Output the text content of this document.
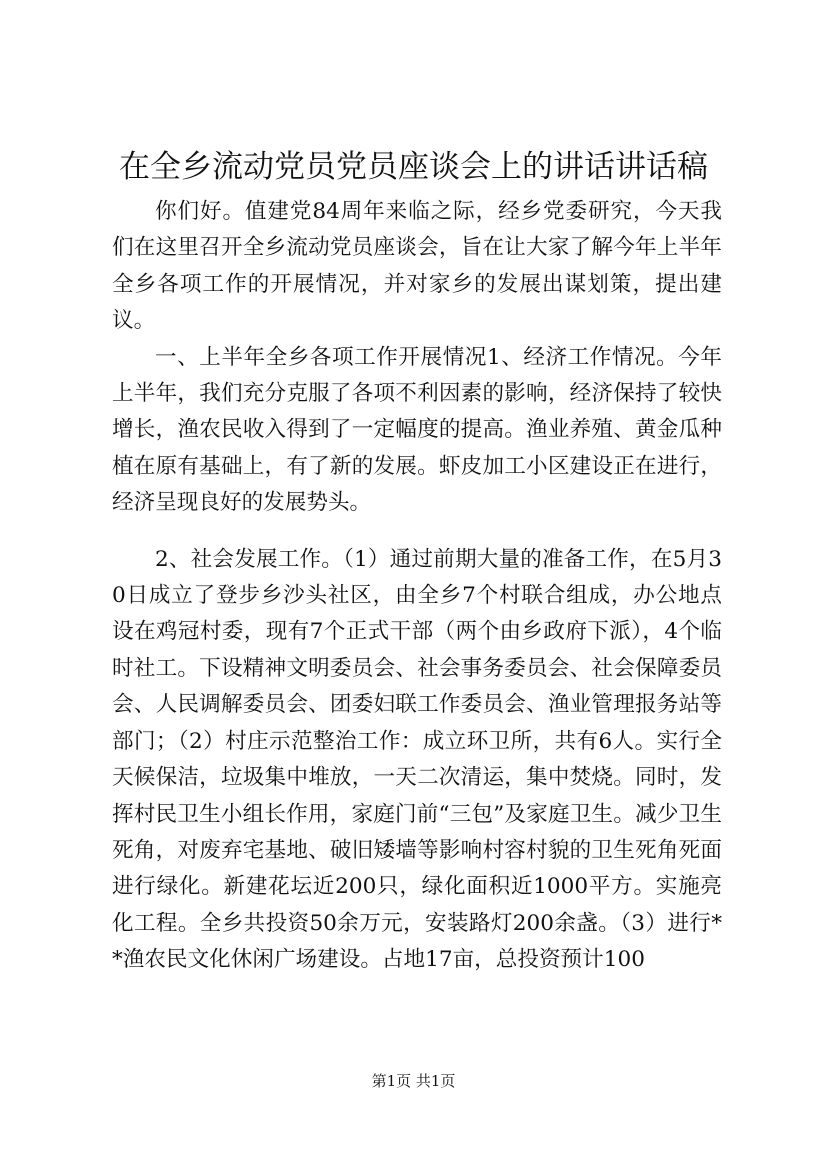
在全乡流动党员党员座谈会上的讲话讲话稿

你们好。值建党84周年来临之际，经乡党委研究，今天我们在这里召开全乡流动党员座谈会，旨在让大家了解今年上半年全乡各项工作的开展情况，并对家乡的发展出谋划策，提出建议。

一、上半年全乡各项工作开展情况1、经济工作情况。今年上半年，我们充分克服了各项不利因素的影响，经济保持了较快增长，渔农民收入得到了一定幅度的提高。渔业养殖、黄金瓜种植在原有基础上，有了新的发展。虾皮加工小区建设正在进行，经济呈现良好的发展势头。

2、社会发展工作。（1）通过前期大量的准备工作，在5月30日成立了登步乡沙头社区，由全乡7个村联合组成，办公地点设在鸡冠村委，现有7个正式干部（两个由乡政府下派），4个临时社工。下设精神文明委员会、社会事务委员会、社会保障委员会、人民调解委员会、团委妇联工作委员会、渔业管理报务站等部门；（2）村庄示范整治工作：成立环卫所，共有6人。实行全天候保洁，垃圾集中堆放，一天二次清运，集中焚烧。同时，发挥村民卫生小组长作用，家庭门前“三包”及家庭卫生。减少卫生死角，对废弃宅基地、破旧矮墙等影响村容村貌的卫生死角死面进行绿化。新建花坛近200只，绿化面积近1000平方。实施亮化工程。全乡共投资50余万元，安装路灯200余盏。（3）进行**渔农民文化休闲广场建设。占地17亩，总投资预计100

第1页 共1页
